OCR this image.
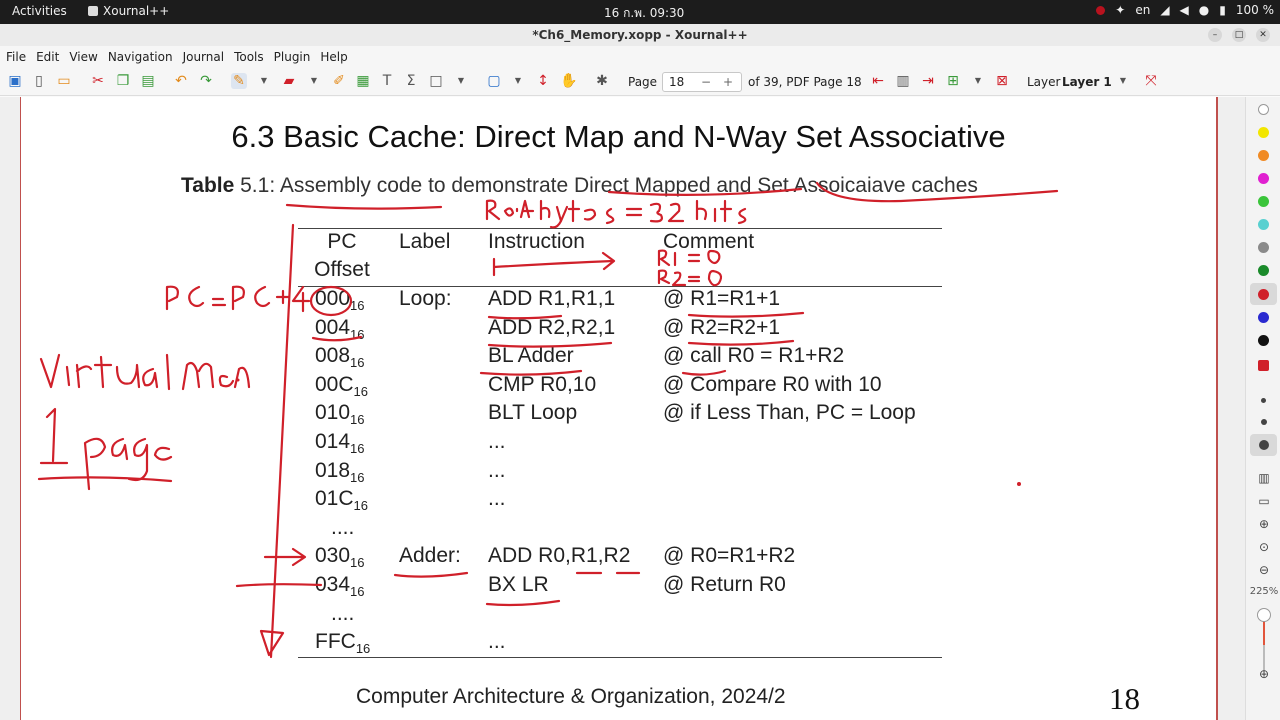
Activities	Xournal++	16 ก.พ. 09:30	✦ en ◢ ◀ ● ▮ 100 %
*Ch6_Memory.xopp - Xournal++	–	□	✕
File Edit View Navigation Journal Tools Plugin Help
▣ ▯ ▭ ✂ ❐ ▤ ↶ ↷ ✎	▼	▰	▼	✐ ▦ T Σ □	▼	▢	▼	↕ ✋ ✱ Page 18 − + of 39, PDF Page 18 ⇤ ▥ ⇥ ⊞	▼	⊠ Layer Layer 1	▼	⤧
6.3 Basic Cache: Direct Map and N-Way Set Associative
Table 5.1: Assembly code to demonstrate Direct Mapped and Set Assoicaiave caches
PC
Offset
Label Instruction	Comment
$000_{16}$ Loop: ADD R1,R1,1 @ R1=R1+1
$004_{16}$	ADD R2,R2,1 @ R2=R2+1
$008_{16}$	BL Adder	@ call R0 = R1+R2
$00C_{16}$	CMP R0,10	@ Compare R0 with 10
$010_{16}$	BLT Loop	@ if Less Than, PC = Loop
$014_{16}$	...
$018_{16}$	...
$01C_{16}$	...
....
$030_{16}$ Adder: ADD R0,R1,R2 @ R0=R1+R2
$034_{16}$	BX LR	@ Return R0
....
$FFC_{16}$	...
Computer Architecture & Organization, 2024/2	18
▥
▭
⊕
⊙
⊖
225%
⊕
